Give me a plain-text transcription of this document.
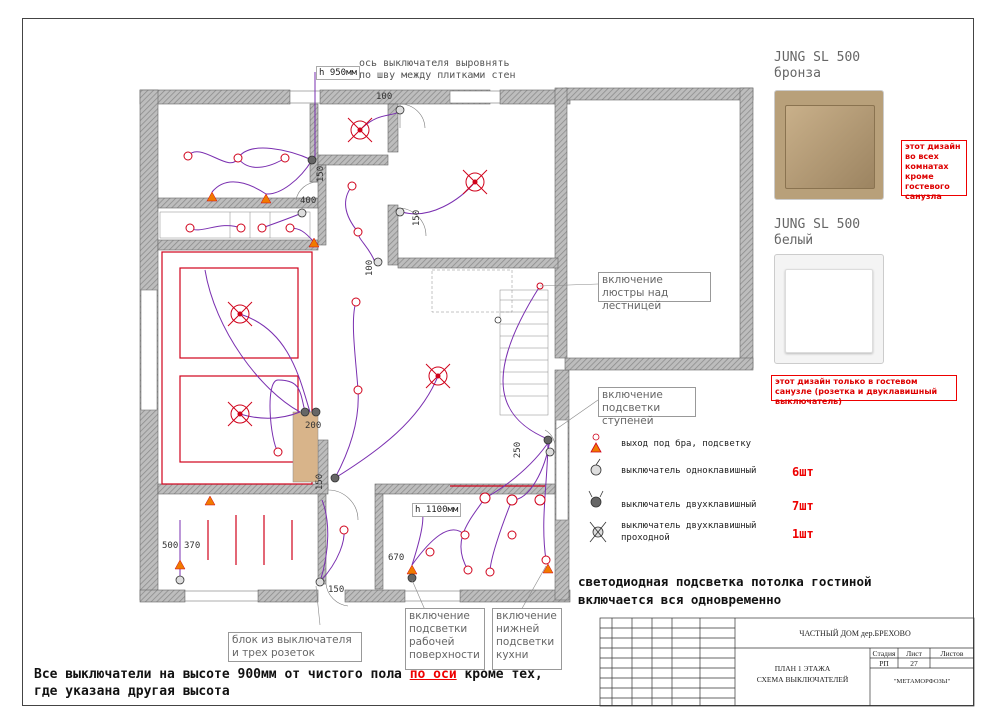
100
150
400
150
100
200
150
250
500 370
670
150
h 1100мм
h 950мм
ось выключателя выровнять
по шву между плитками стен
JUNG SL 500
бронза
этот дизайн во всех комнатах кроме гостевого санузла
JUNG SL 500
белый
этот дизайн только в гостевом санузле (розетка и двуклавишный выключатель)
включение люстры над лестницей
включение подсветки ступеней
блок из выключателя и трех розеток
включение подсветки рабочей поверхности
включение нижней подсветки кухни
выход под бра, подсветку
выключатель одноклавишный	6шт
выключатель двухклавишный	7шт
выключатель двухклавишный проходной	1шт
светодиодная подсветка потолка гостиной
включается вся одновременно
Все выключатели на высоте 900мм от чистого пола по оси кроме тех,
где указана другая высота
ЧАСТНЫЙ ДОМ дер.БРЕХОВО
Стадия	Лист	Листов
РП	27
ПЛАН 1 ЭТАЖА
СХЕМА ВЫКЛЮЧАТЕЛЕЙ	"МЕТАМОРФОЗЫ"
